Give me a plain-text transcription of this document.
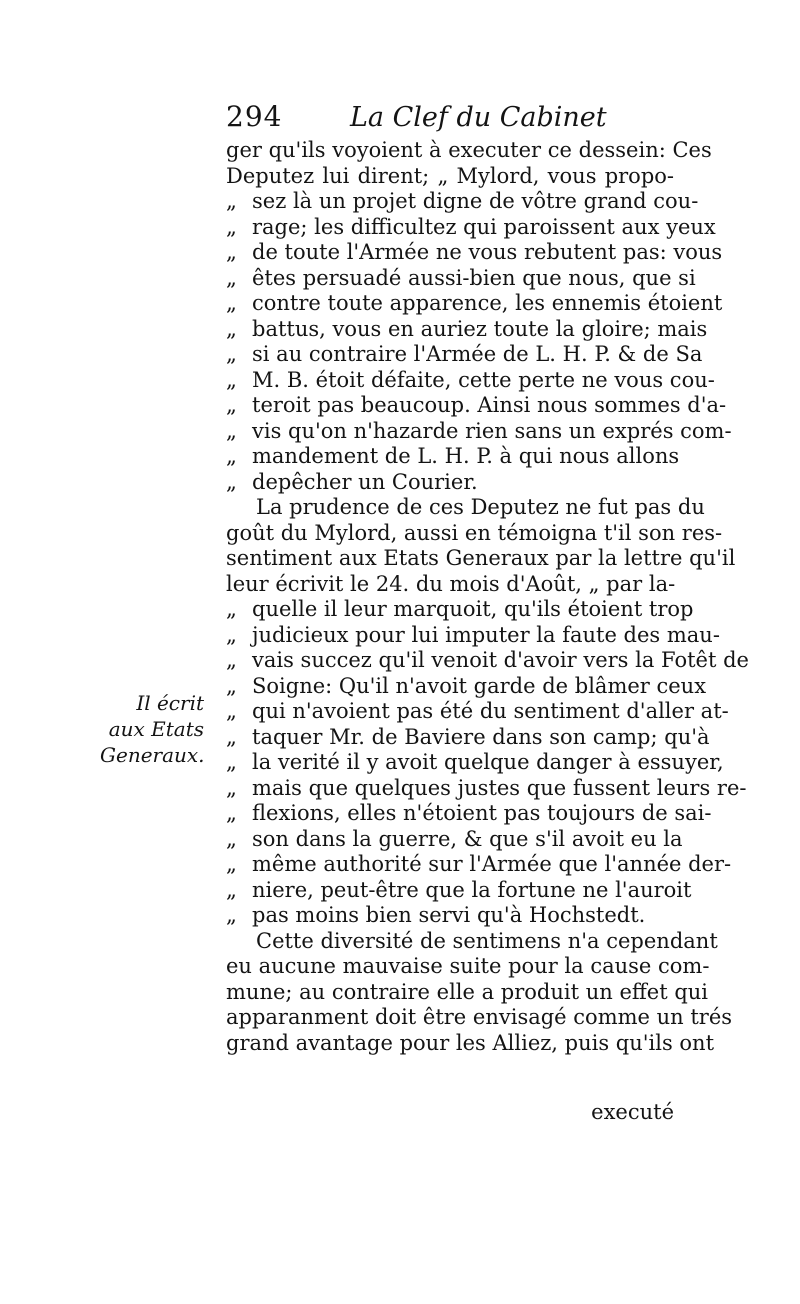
294	La Clef du Cabinet
Il écrit
aux Etats
Generaux.
ger qu'ils voyoient à executer ce dessein: Ces
Deputez lui dirent; „ Mylord, vous propo-
„ sez là un projet digne de vôtre grand cou-
„ rage; les difficultez qui paroissent aux yeux
„ de toute l'Armée ne vous rebutent pas: vous
„ êtes persuadé aussi-bien que nous, que si
„ contre toute apparence, les ennemis étoient
„ battus, vous en auriez toute la gloire; mais
„ si au contraire l'Armée de L. H. P. & de Sa
„ M. B. étoit défaite, cette perte ne vous cou-
„ teroit pas beaucoup. Ainsi nous sommes d'a-
„ vis qu'on n'hazarde rien sans un exprés com-
„ mandement de L. H. P. à qui nous allons
„ depêcher un Courier.
La prudence de ces Deputez ne fut pas du
goût du Mylord, aussi en témoigna t'il son res-
sentiment aux Etats Generaux par la lettre qu'il
leur écrivit le 24. du mois d'Août, „ par la-
„ quelle il leur marquoit, qu'ils étoient trop
„ judicieux pour lui imputer la faute des mau-
„ vais succez qu'il venoit d'avoir vers la Fotêt de
„ Soigne: Qu'il n'avoit garde de blâmer ceux
„ qui n'avoient pas été du sentiment d'aller at-
„ taquer Mr. de Baviere dans son camp; qu'à
„ la verité il y avoit quelque danger à essuyer,
„ mais que quelques justes que fussent leurs re-
„ flexions, elles n'étoient pas toujours de sai-
„ son dans la guerre, & que s'il avoit eu la
„ même authorité sur l'Armée que l'année der-
„ niere, peut-être que la fortune ne l'auroit
„ pas moins bien servi qu'à Hochstedt.
Cette diversité de sentimens n'a cependant
eu aucune mauvaise suite pour la cause com-
mune; au contraire elle a produit un effet qui
apparanment doit être envisagé comme un trés
grand avantage pour les Alliez, puis qu'ils ont
executé
